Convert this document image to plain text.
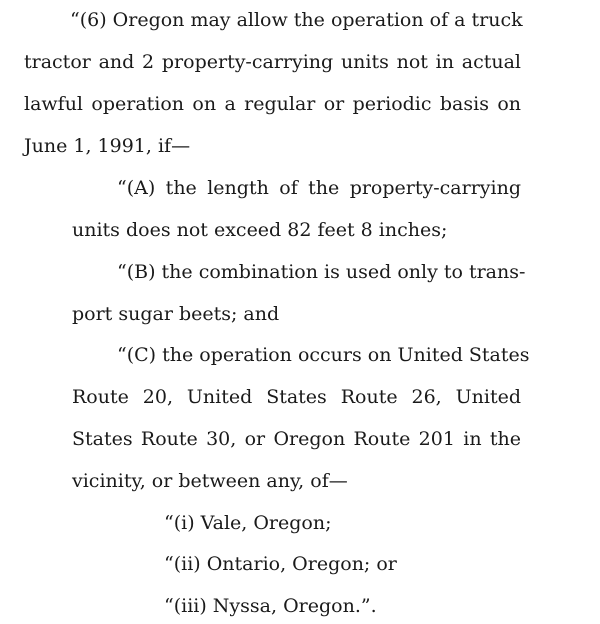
“(6) Oregon may allow the operation of a truck
tractor and 2 property-carrying units not in actual
lawful operation on a regular or periodic basis on
June 1, 1991, if—
“(A) the length of the property-carrying
units does not exceed 82 feet 8 inches;
“(B) the combination is used only to trans-
port sugar beets; and
“(C) the operation occurs on United States
Route 20, United States Route 26, United
States Route 30, or Oregon Route 201 in the
vicinity, or between any, of—
“(i) Vale, Oregon;
“(ii) Ontario, Oregon; or
“(iii) Nyssa, Oregon.”.
